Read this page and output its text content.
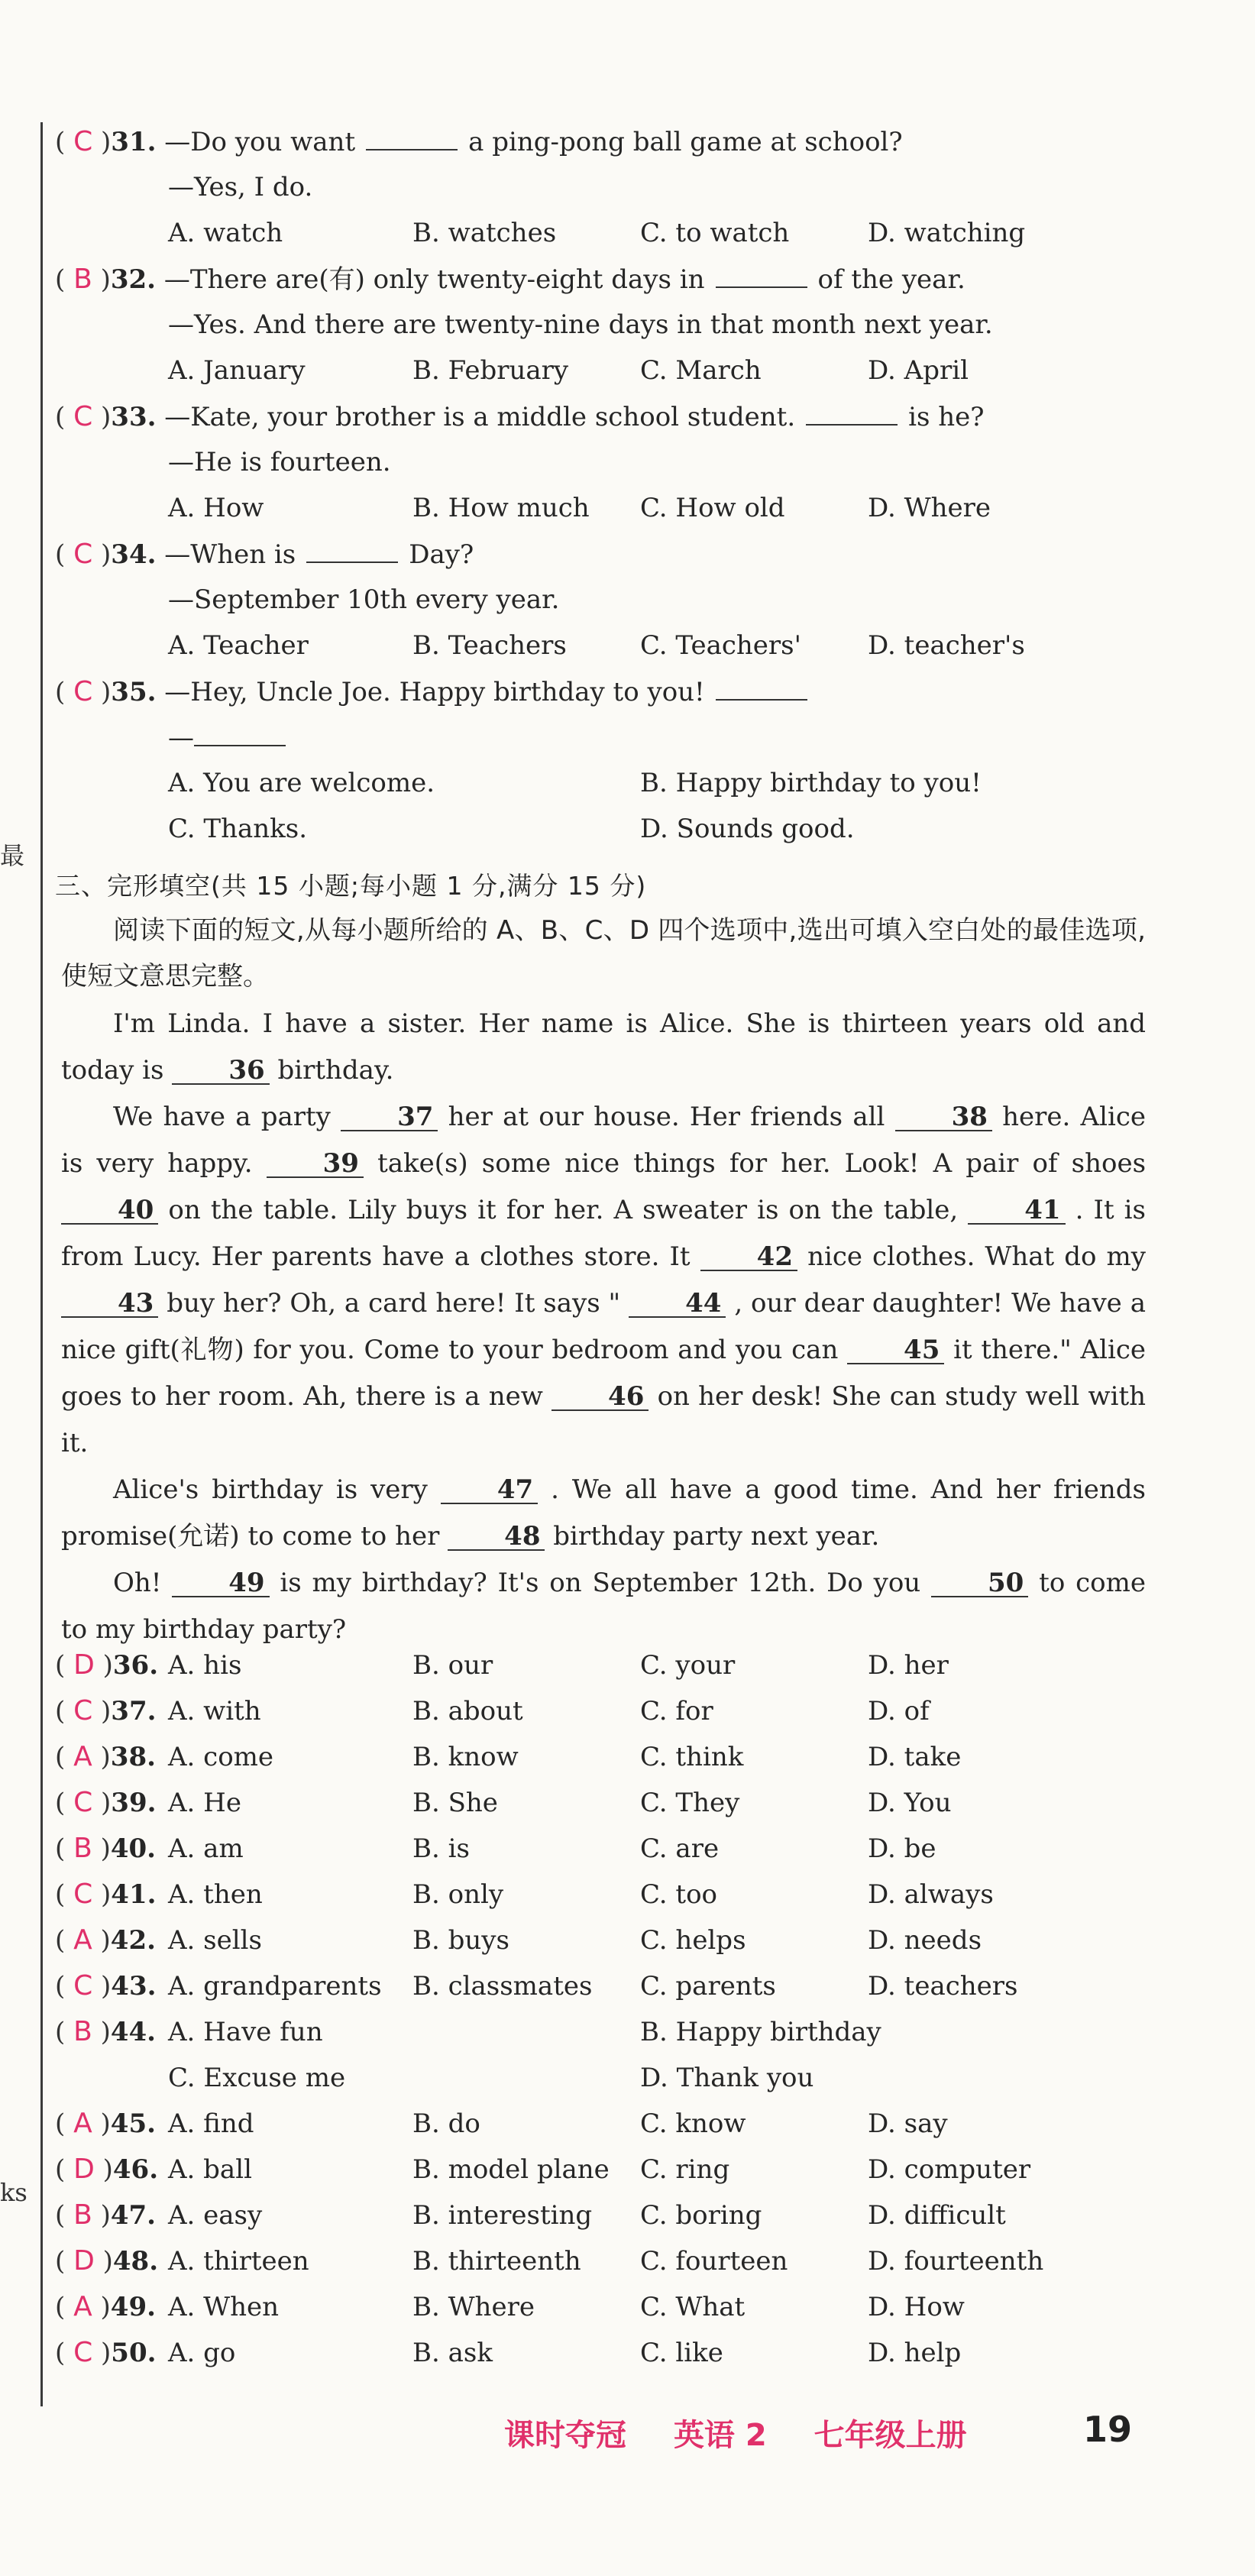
最
ks
( C )31. —Do you want	a ping-pong ball game at school?
—Yes, I do.
A. watch	B. watches	C. to watch	D. watching
( B )32. —There are(有) only twenty-eight days in	of the year.
—Yes. And there are twenty-nine days in that month next year.
A. January	B. February	C. March	D. April
( C )33. —Kate, your brother is a middle school student.	is he?
—He is fourteen.
A. How	B. How much C. How old	D. Where
( C )34. —When is	Day?
—September 10th every year.
A. Teacher	B. Teachers	C. Teachers'	D. teacher's
( C )35. —Hey, Uncle Joe. Happy birthday to you!
—
A. You are welcome.	B. Happy birthday to you!
C. Thanks.	D. Sounds good.
三、完形填空(共 15 小题;每小题 1 分,满分 15 分)
阅读下面的短文,从每小题所给的 A、B、C、D 四个选项中,选出可填入空白处的最佳选项,使短文意思完整。

I'm Linda. I have a sister. Her name is Alice. She is thirteen years old and today is 36 birthday.

We have a party	37 her at our house. Her friends all	38 here. Alice is very happy.	39 take(s) some nice things for her. Look! A pair of shoes 40 on the table. Lily buys it for her. A sweater is on the table,	41 . It is from Lucy. Her parents have a clothes store. It	42 nice clothes. What do my 43 buy her? Oh, a card here! It says " 44 , our dear daughter! We have a nice gift(礼物) for you. Come to your bedroom and you can	45 it there." Alice goes to her room. Ah, there is a new	46 on her desk! She can study well with it.

Alice's birthday is very	47 . We all have a good time. And her friends promise(允诺) to come to her 48 birthday party next year.

Oh!	49 is my birthday? It's on September 12th. Do you	50 to come to my birthday party?

( D )36. A. his	B. our	C. your	D. her
( C )37. A. with	B. about	C. for	D. of
( A )38. A. come	B. know	C. think	D. take
( C )39. A. He	B. She	C. They	D. You
( B )40. A. am	B. is	C. are	D. be
( C )41. A. then	B. only	C. too	D. always
( A )42. A. sells	B. buys	C. helps	D. needs
( C )43. A. grandparents B. classmates C. parents	D. teachers
( B )44. A. Have fun	B. Happy birthday
C. Excuse me	D. Thank you
( A )45. A. find	B. do	C. know	D. say
( D )46. A. ball	B. model plane C. ring	D. computer
( B )47. A. easy	B. interesting C. boring	D. difficult
( D )48. A. thirteen	B. thirteenth C. fourteen	D. fourteenth
( A )49. A. When	B. Where	C. What	D. How
( C )50. A. go	B. ask	C. like	D. help
课时夺冠 英语 2 七年级上册	19
